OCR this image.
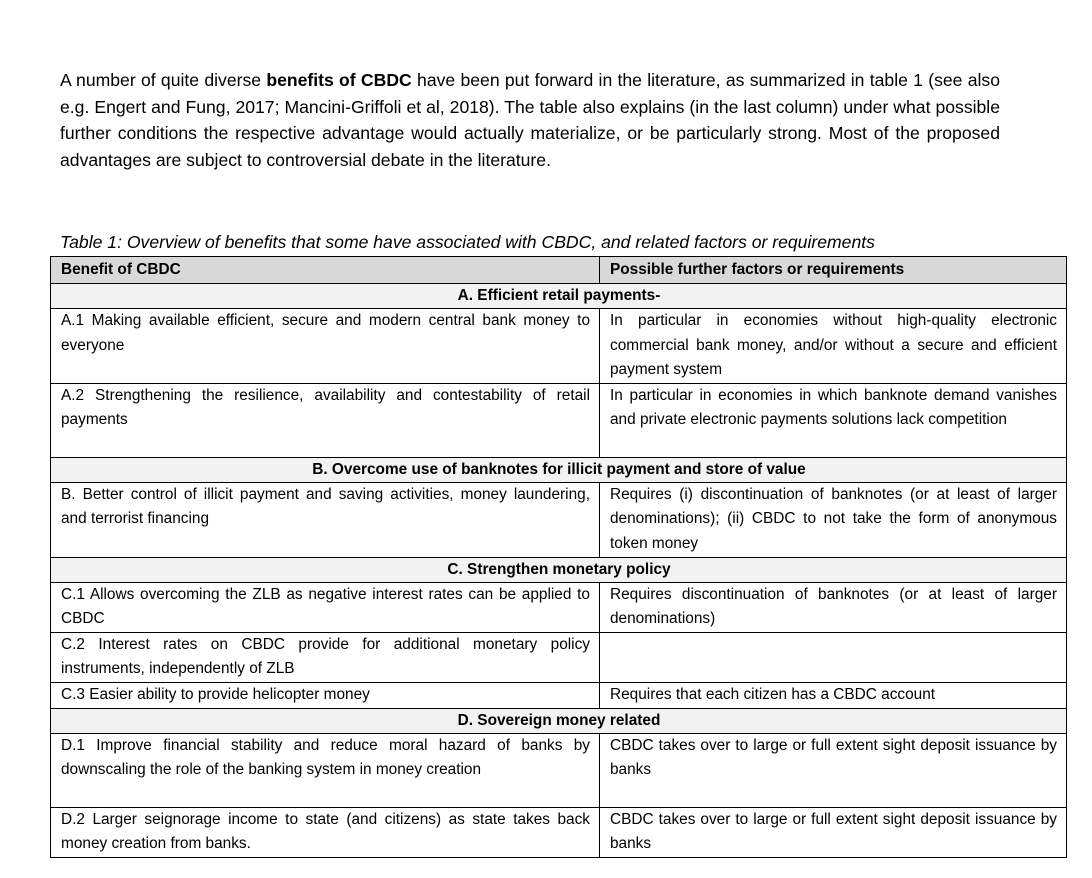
A number of quite diverse benefits of CBDC have been put forward in the literature, as summarized in table 1 (see also e.g. Engert and Fung, 2017; Mancini-Griffoli et al, 2018). The table also explains (in the last column) under what possible further conditions the respective advantage would actually materialize, or be particularly strong. Most of the proposed advantages are subject to controversial debate in the literature.

Table 1: Overview of benefits that some have associated with CBDC, and related factors or requirements
Benefit of CBDC	Possible further factors or requirements
A. Efficient retail payments-	
A.1 Making available efficient, secure and modern central bank money to everyone	In particular in economies without high-quality electronic commercial bank money, and/or without a secure and efficient payment system
A.2 Strengthening the resilience, availability and contestability of retail payments	In particular in economies in which banknote demand vanishes and private electronic payments solutions lack competition
B. Overcome use of banknotes for illicit payment and store of value	
B. Better control of illicit payment and saving activities, money laundering, and terrorist financing	Requires (i) discontinuation of banknotes (or at least of larger denominations); (ii) CBDC to not take the form of anonymous token money
C. Strengthen monetary policy	
C.1 Allows overcoming the ZLB as negative interest rates can be applied to CBDC	Requires discontinuation of banknotes (or at least of larger denominations)
C.2 Interest rates on CBDC provide for additional monetary policy instruments, independently of ZLB	
C.3 Easier ability to provide helicopter money	Requires that each citizen has a CBDC account
D. Sovereign money related	
D.1 Improve financial stability and reduce moral hazard of banks by downscaling the role of the banking system in money creation	CBDC takes over to large or full extent sight deposit issuance by banks
D.2 Larger seignorage income to state (and citizens) as state takes back money creation from banks.	CBDC takes over to large or full extent sight deposit issuance by banks
